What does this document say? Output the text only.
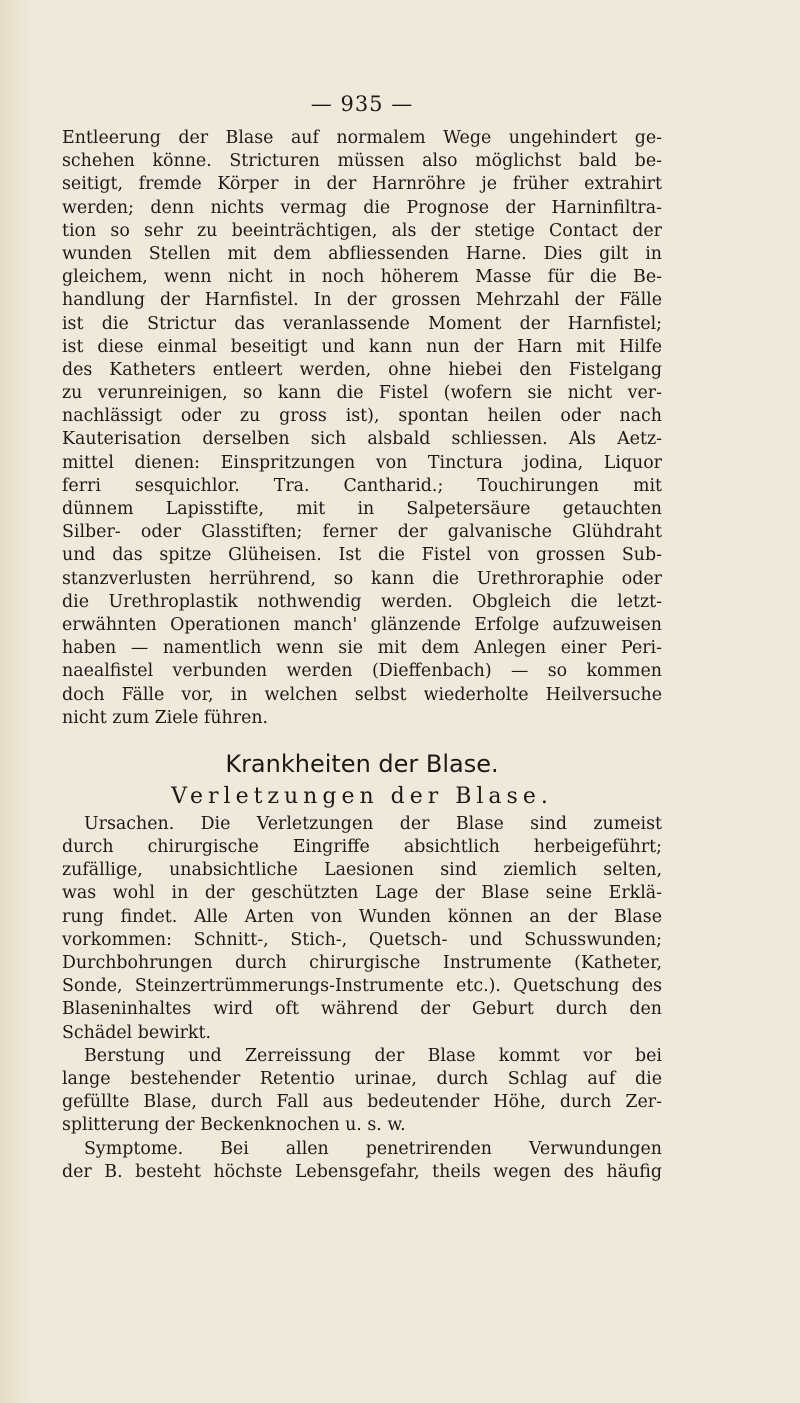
— 935 —
Entleerung der Blase auf normalem Wege ungehindert ge-
schehen könne. Stricturen müssen also möglichst bald be-
seitigt, fremde Körper in der Harnröhre je früher extrahirt
werden; denn nichts vermag die Prognose der Harninfiltra-
tion so sehr zu beeinträchtigen, als der stetige Contact der
wunden Stellen mit dem abfliessenden Harne. Dies gilt in
gleichem, wenn nicht in noch höherem Masse für die Be-
handlung der Harnfistel. In der grossen Mehrzahl der Fälle
ist die Strictur das veranlassende Moment der Harnfistel;
ist diese einmal beseitigt und kann nun der Harn mit Hilfe
des Katheters entleert werden, ohne hiebei den Fistelgang
zu verunreinigen, so kann die Fistel (wofern sie nicht ver-
nachlässigt oder zu gross ist), spontan heilen oder nach
Kauterisation derselben sich alsbald schliessen. Als Aetz-
mittel dienen: Einspritzungen von Tinctura jodina, Liquor
ferri sesquichlor. Tra. Cantharid.; Touchirungen mit
dünnem Lapisstifte, mit in Salpetersäure getauchten
Silber- oder Glasstiften; ferner der galvanische Glühdraht
und das spitze Glüheisen. Ist die Fistel von grossen Sub-
stanzverlusten herrührend, so kann die Urethroraphie oder
die Urethroplastik nothwendig werden. Obgleich die letzt-
erwähnten Operationen manch' glänzende Erfolge aufzuweisen
haben — namentlich wenn sie mit dem Anlegen einer Peri-
naealfistel verbunden werden (Dieffenbach) — so kommen
doch Fälle vor, in welchen selbst wiederholte Heilversuche
nicht zum Ziele führen.
Krankheiten der Blase.
Verletzungen der Blase.
Ursachen. Die Verletzungen der Blase sind zumeist
durch chirurgische Eingriffe absichtlich herbeigeführt;
zufällige, unabsichtliche Laesionen sind ziemlich selten,
was wohl in der geschützten Lage der Blase seine Erklä-
rung findet. Alle Arten von Wunden können an der Blase
vorkommen: Schnitt-, Stich-, Quetsch- und Schusswunden;
Durchbohrungen durch chirurgische Instrumente (Katheter,
Sonde, Steinzertrümmerungs-Instrumente etc.). Quetschung des
Blaseninhaltes wird oft während der Geburt durch den
Schädel bewirkt.
Berstung und Zerreissung der Blase kommt vor bei
lange bestehender Retentio urinae, durch Schlag auf die
gefüllte Blase, durch Fall aus bedeutender Höhe, durch Zer-
splitterung der Beckenknochen u. s. w.
Symptome. Bei allen penetrirenden Verwundungen
der B. besteht höchste Lebensgefahr, theils wegen des häufig
